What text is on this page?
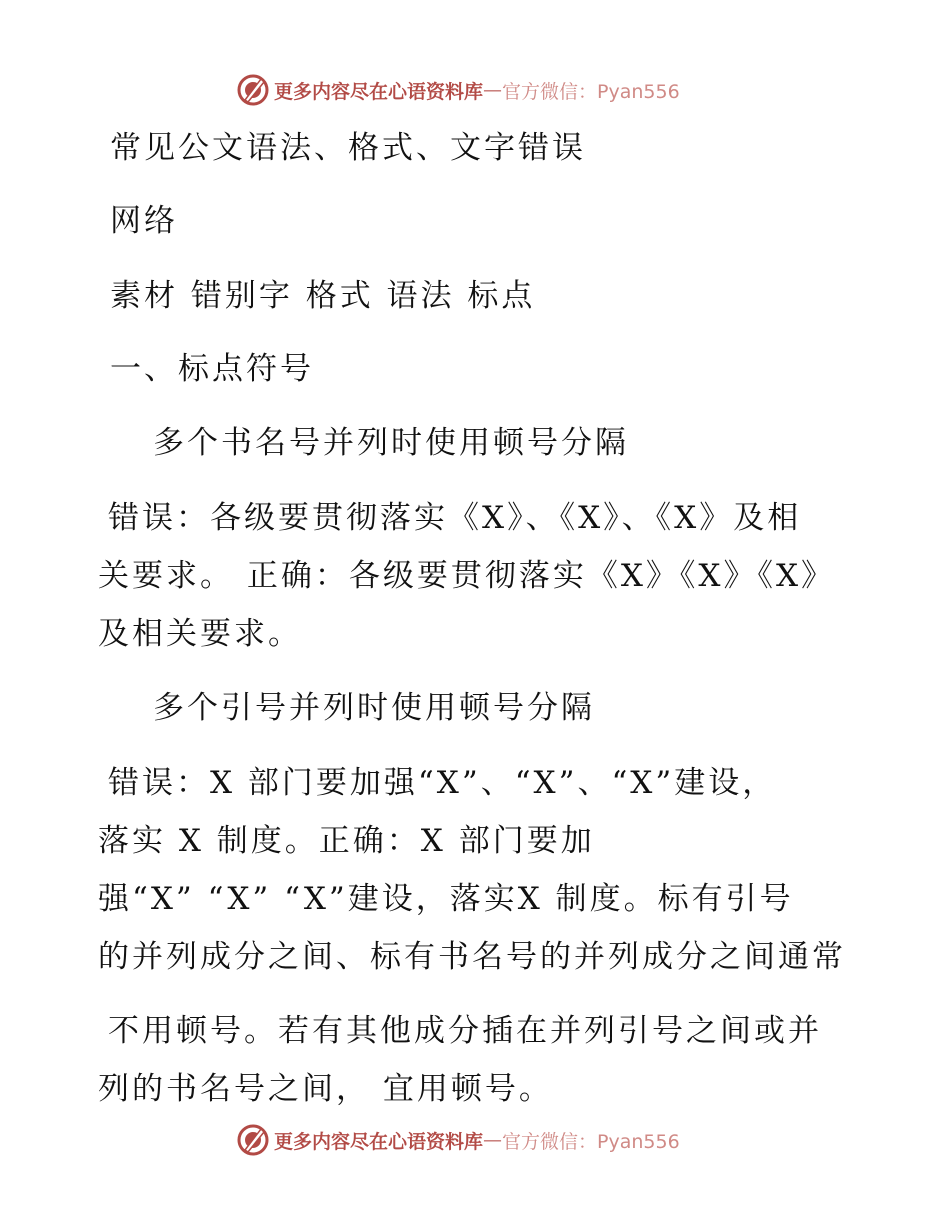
更多内容尽在心语资料库 — 官方微信：Pyan556
常见公文语法、格式、文字错误
网络
素材 错别字 格式 语法 标点
一、标点符号
多个书名号并列时使用顿号分隔
错误：各级要贯彻落实《X》、《X》、《X》及相
关要求。 正确：各级要贯彻落实《X》《X》《X》
及相关要求。
多个引号并列时使用顿号分隔
错误：X 部门要加强“X”、“X”、“X”建设，
落实 X 制度。正确：X 部门要加
强“X” “X” “X”建设，落实X 制度。标有引号
的并列成分之间、标有书名号的并列成分之间通常
不用顿号。若有其他成分插在并列引号之间或并
列的书名号之间， 宜用顿号。
更多内容尽在心语资料库 — 官方微信：Pyan556
